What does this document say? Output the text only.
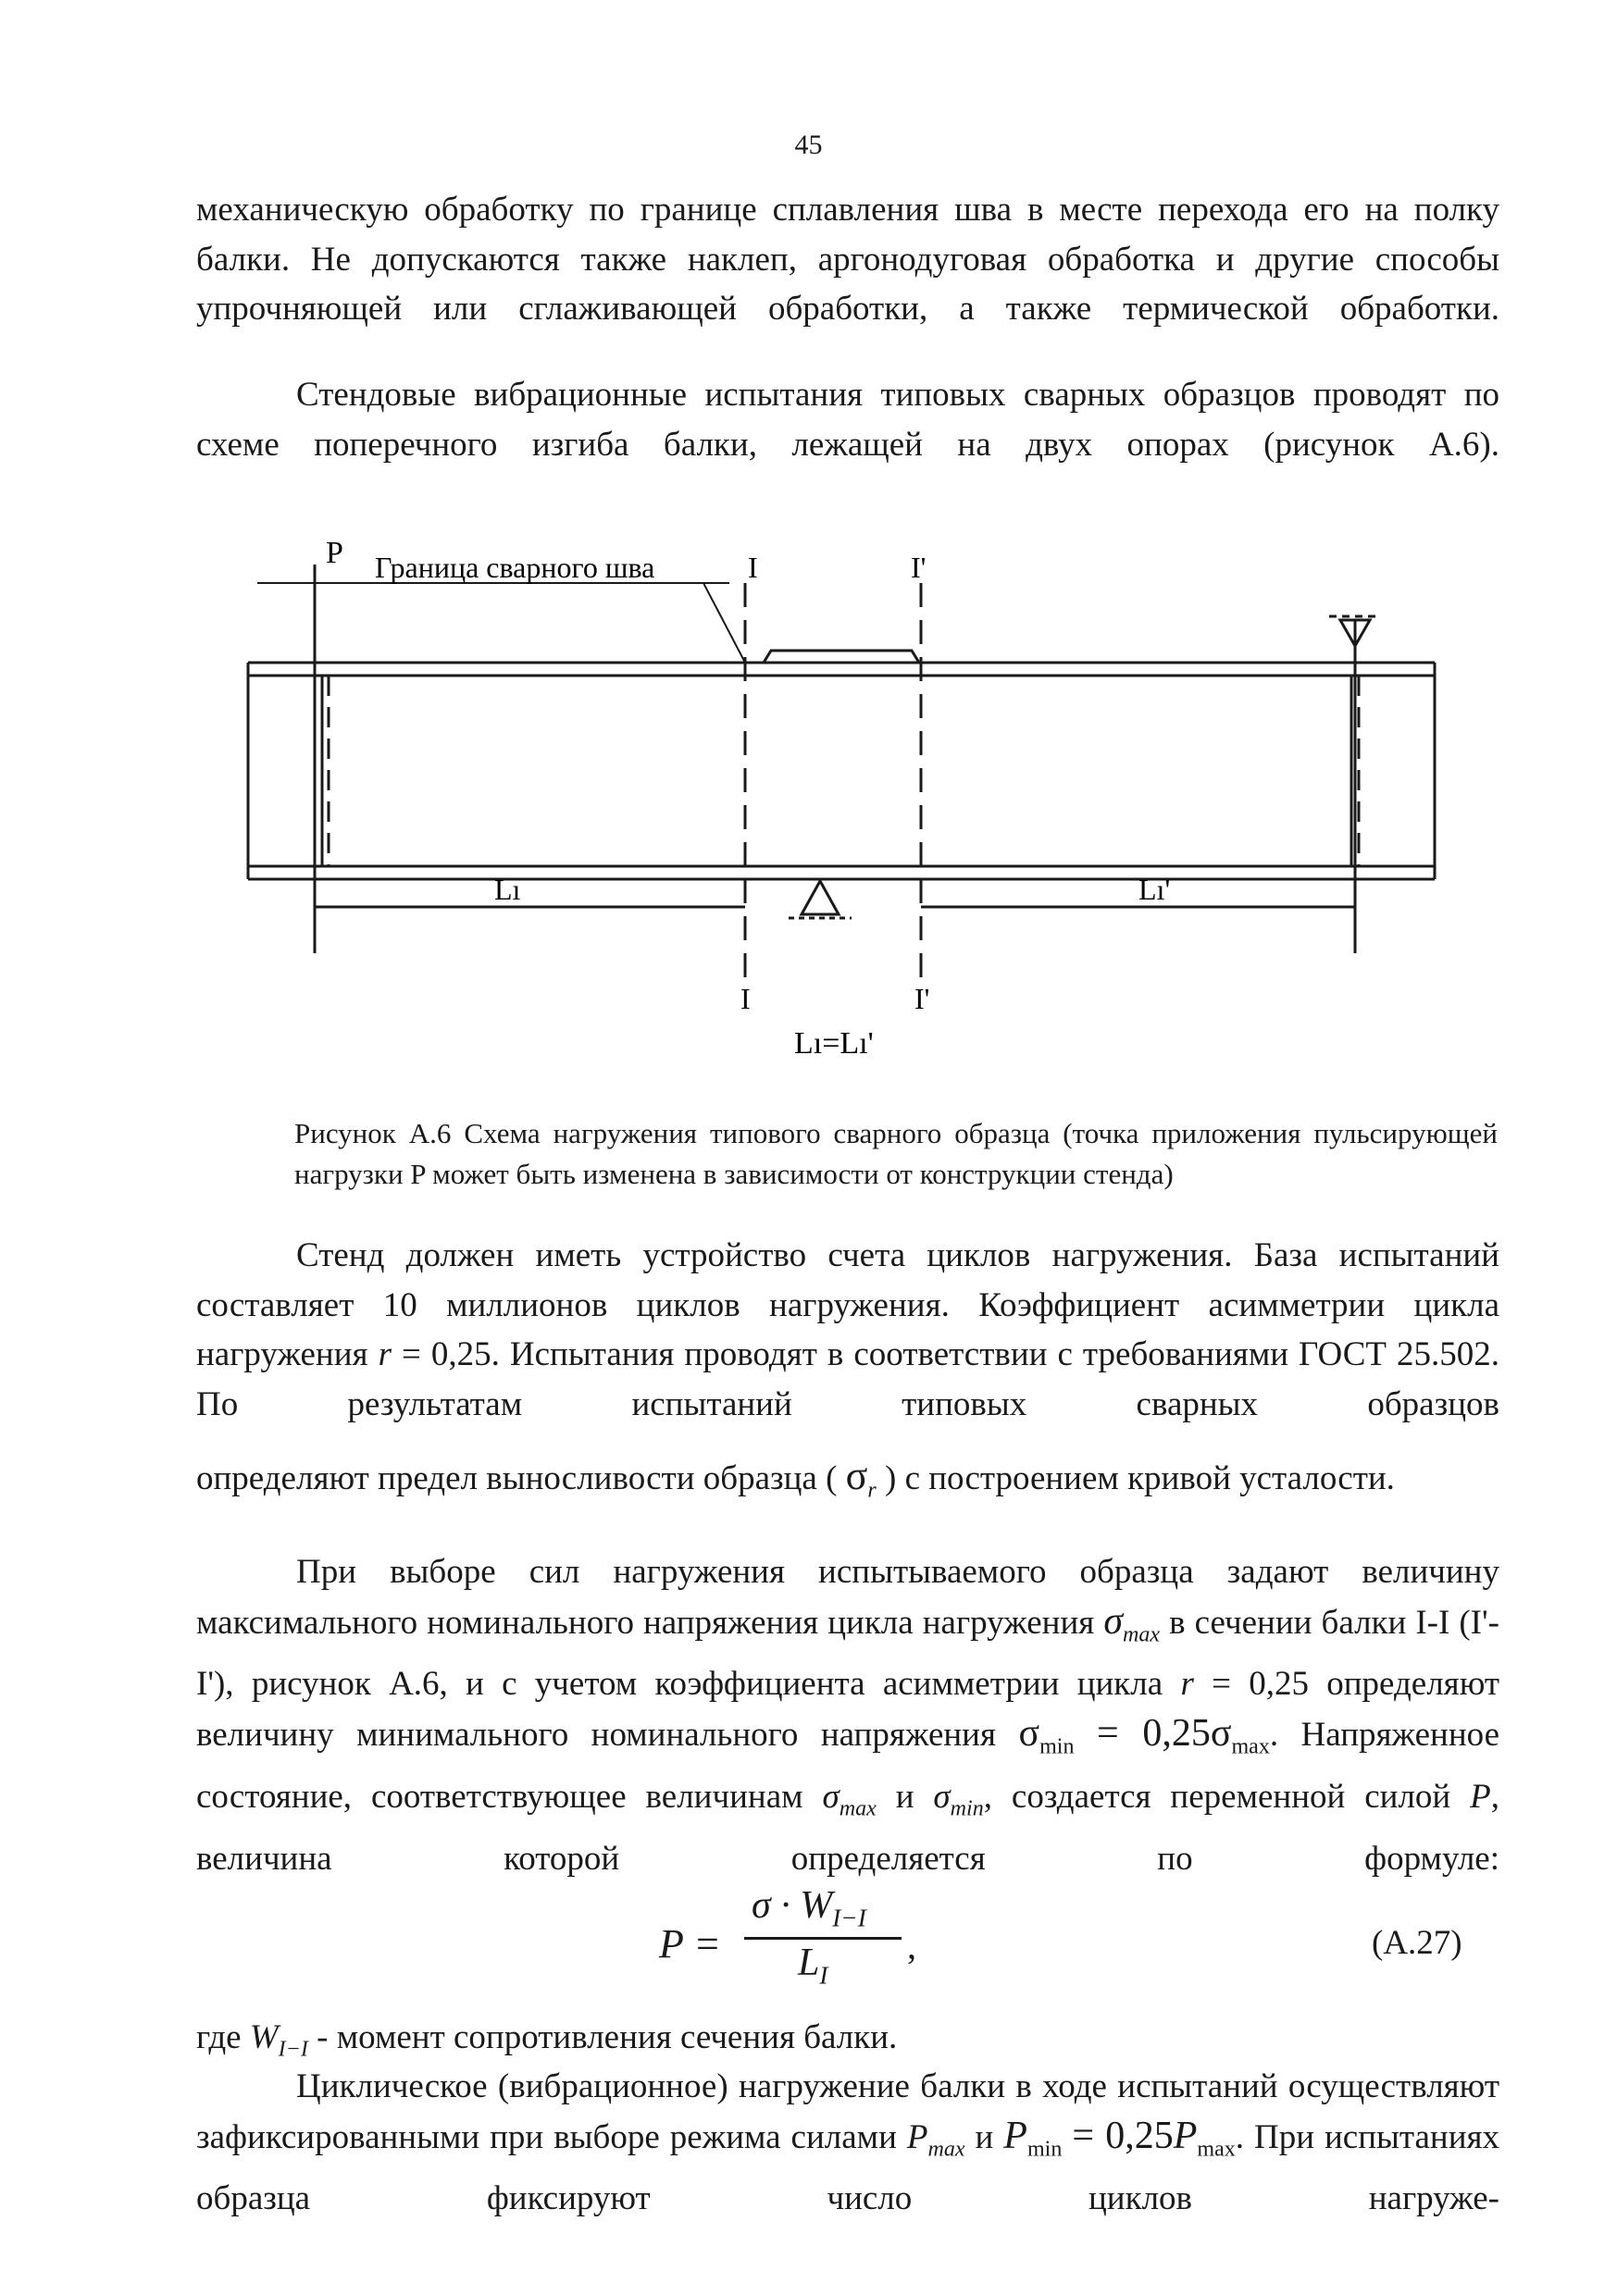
45

механическую обработку по границе сплавления шва в месте перехода его на полку балки. Не допускаются также наклеп, аргонодуговая обработка и другие способы упрочняющей или сглаживающей обработки, а также термической обработки.

Стендовые вибрационные испытания типовых сварных образцов проводят по схеме поперечного изгиба балки, лежащей на двух опорах (рисунок А.6).

P Граница сварного шва	I	I'
I	I'
Lı	Lı'
Lı=Lı'

Рисунок А.6 Схема нагружения типового сварного образца (точка приложения пульсирующей нагрузки P может быть изменена в зависимости от конструкции стенда)

Стенд должен иметь устройство счета циклов нагружения. База испытаний составляет 10 миллионов циклов нагружения. Коэффициент асимметрии цикла нагружения r = 0,25. Испытания проводят в соответствии с требованиями ГОСТ 25.502. По результатам испытаний типовых сварных образцов

определяют предел выносливости образца ( $\sigma_r$ ) с построением кривой усталости.

При выборе сил нагружения испытываемого образца задают величину максимального номинального напряжения цикла нагружения $\sigma_{max}$ в сечении балки I-I (I'- I'), рисунок А.6, и с учетом коэффициента асимметрии цикла r = 0,25 определяют величину минимального номинального напряжения $\sigma_{min} = 0,25\sigma_{max}$. Напряженное состояние, соответствующее величинам $\sigma_{max}$ и $\sigma_{min}$, создается переменной силой P, величина которой определяется по формуле:

P =
$\sigma \cdot W_{I-I}$
$L_I$
,	(А.27)

где $W_{I-I}$ - момент сопротивления сечения балки.

Циклическое (вибрационное) нагружение балки в ходе испытаний осуществляют зафиксированными при выборе режима силами $P_{max}$ и $P_{min} = 0,25P_{max}$. При испытаниях образца фиксируют число циклов нагруже-
